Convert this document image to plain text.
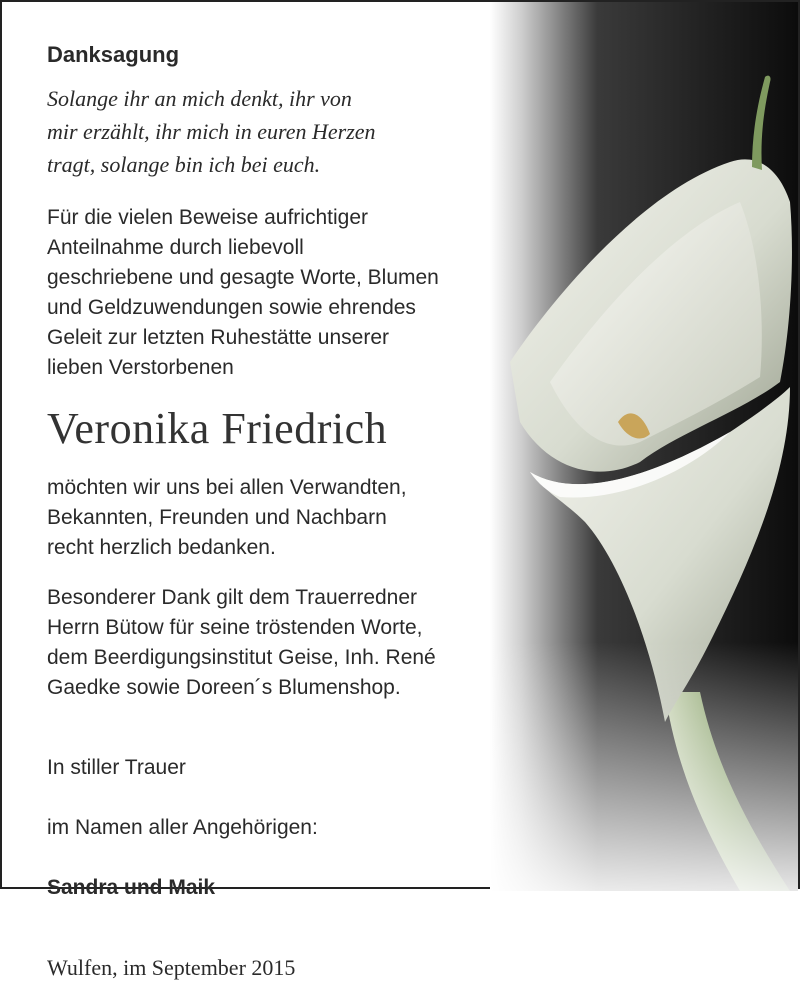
Danksagung

Solange ihr an mich denkt, ihr von
mir erzählt, ihr mich in euren Herzen
tragt, solange bin ich bei euch.

Für die vielen Beweise aufrichtiger
Anteilnahme durch liebevoll
geschriebene und gesagte Worte, Blumen
und Geldzuwendungen sowie ehrendes
Geleit zur letzten Ruhestätte unserer
lieben Verstorbenen

Veronika Friedrich

möchten wir uns bei allen Verwandten,
Bekannten, Freunden und Nachbarn
recht herzlich bedanken.

Besonderer Dank gilt dem Trauerredner
Herrn Bütow für seine tröstenden Worte,
dem Beerdigungsinstitut Geise, Inh. René
Gaedke sowie Doreen´s Blumenshop.

In stiller Trauer

im Namen aller Angehörigen:

Sandra und Maik

Wulfen, im September 2015
